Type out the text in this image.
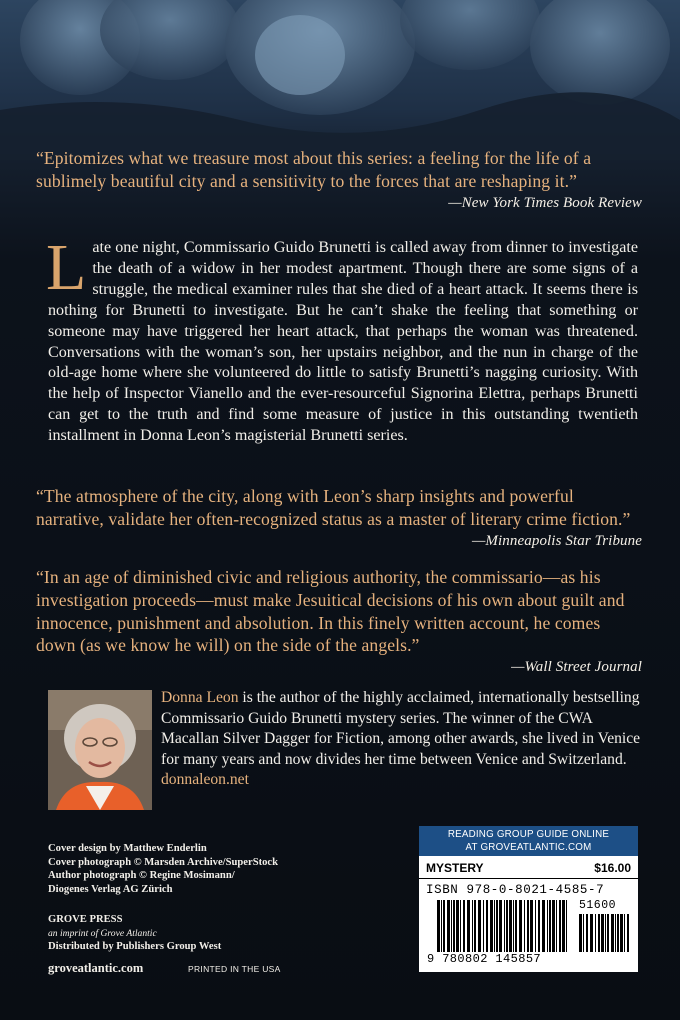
“Epitomizes what we treasure most about this series: a feeling for the life of a sublimely beautiful city and a sensitivity to the forces that are reshaping it.”
—New York Times Book Review
L ate one night, Commissario Guido Brunetti is called away from dinner to investigate the death of a widow in her modest apartment. Though there are some signs of a struggle, the medical examiner rules that she died of a heart attack. It seems there is nothing for Brunetti to investigate. But he can’t shake the feeling that something or someone may have triggered her heart attack, that perhaps the woman was threatened. Conversations with the woman’s son, her upstairs neighbor, and the nun in charge of the old-age home where she volunteered do little to satisfy Brunetti’s nagging curiosity. With the help of Inspector Vianello and the ever-resourceful Signorina Elettra, perhaps Brunetti can get to the truth and find some measure of justice in this outstanding twentieth installment in Donna Leon’s magisterial Brunetti series.
“The atmosphere of the city, along with Leon’s sharp insights and powerful narrative, validate her often-recognized status as a master of literary crime fiction.”
—Minneapolis Star Tribune
“In an age of diminished civic and religious authority, the commissario—as his investigation proceeds—must make Jesuitical decisions of his own about guilt and innocence, punishment and absolution. In this finely written account, he comes down (as we know he will) on the side of the angels.”
—Wall Street Journal
Donna Leon is the author of the highly acclaimed, internationally bestselling Commissario Guido Brunetti mystery series. The winner of the CWA Macallan Silver Dagger for Fiction, among other awards, she lived in Venice for many years and now divides her time between Venice and Switzerland.
donnaleon.net
Cover design by Matthew Enderlin
Cover photograph © Marsden Archive/SuperStock
Author photograph © Regine Mosimann/
Diogenes Verlag AG Zürich
GROVE PRESS
an imprint of Grove Atlantic
Distributed by Publishers Group West
groveatlantic.com	PRINTED IN THE USA
READING GROUP GUIDE ONLINE
AT GROVEATLANTIC.COM
MYSTERY	$16.00
ISBN 978-0-8021-4585-7
51600
9 780802 145857
